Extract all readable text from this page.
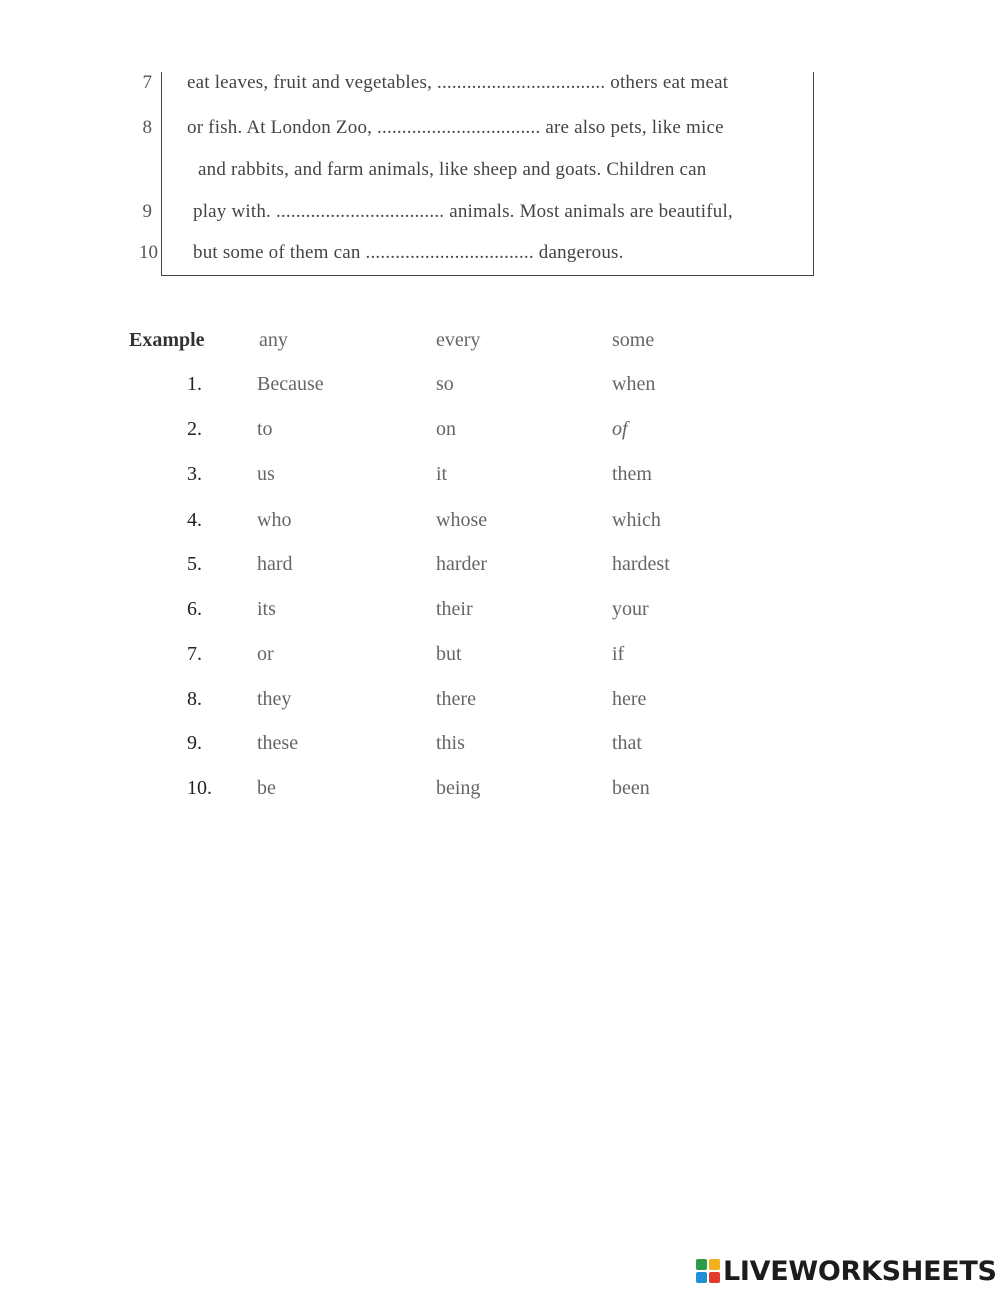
7 eat leaves, fruit and vegetables, .................................. others eat meat
8 or fish. At London Zoo, ................................. are also pets, like mice
and rabbits, and farm animals, like sheep and goats. Children can
9 play with. .................................. animals. Most animals are beautiful,
10 but some of them can .................................. dangerous.
Example	any	every	some
1.	Because	so	when
2.	to	on	of
3.	us	it	them
4.	who	whose	which
5.	hard	harder	hardest
6.	its	their	your
7.	or	but	if
8.	they	there	here
9.	these	this	that
10. be	being	been
LIVEWORKSHEETS
